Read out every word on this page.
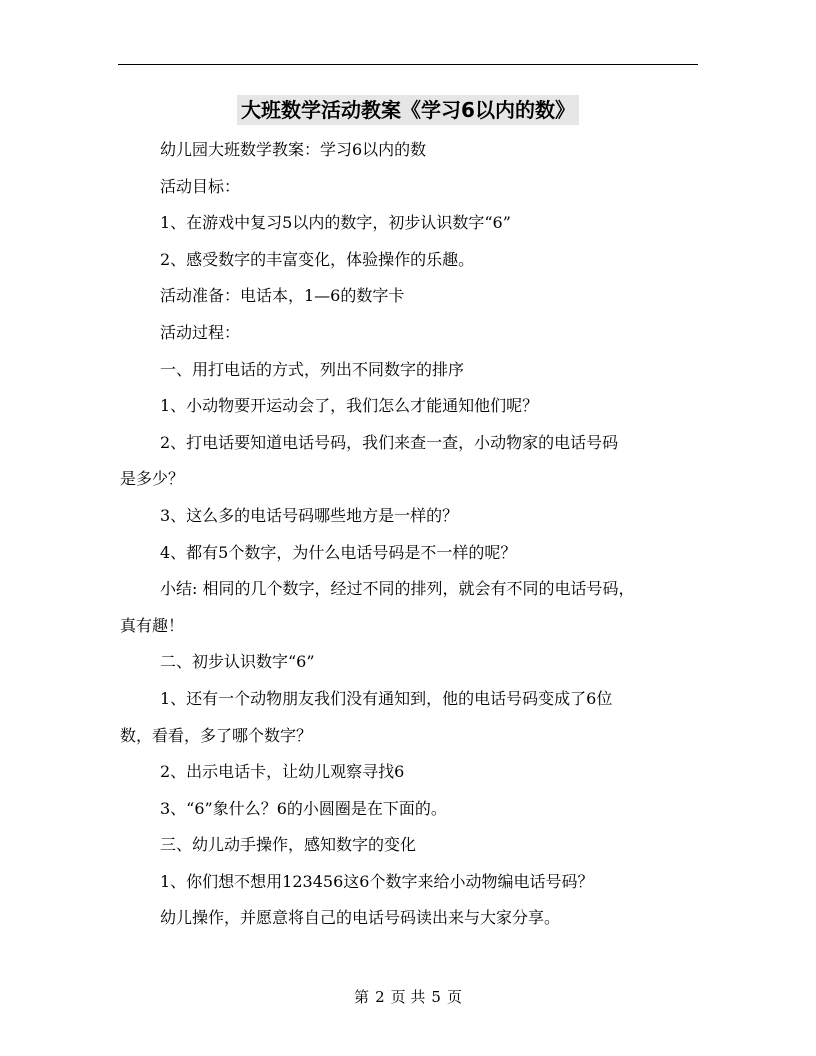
大班数学活动教案《学习6以内的数》
幼儿园大班数学教案：学习6以内的数
活动目标：
1、在游戏中复习5以内的数字，初步认识数字“6”
2、感受数字的丰富变化，体验操作的乐趣。
活动准备：电话本，1—6的数字卡
活动过程：
一、用打电话的方式，列出不同数字的排序
1、小动物要开运动会了，我们怎么才能通知他们呢？
2、打电话要知道电话号码，我们来查一查，小动物家的电话号码
是多少？
3、这么多的电话号码哪些地方是一样的？
4、都有5个数字，为什么电话号码是不一样的呢？
小结: 相同的几个数字，经过不同的排列，就会有不同的电话号码，
真有趣！
二、初步认识数字“6”
1、还有一个动物朋友我们没有通知到，他的电话号码变成了6位
数，看看，多了哪个数字？
2、出示电话卡，让幼儿观察寻找6
3、“6”象什么？6的小圆圈是在下面的。
三、幼儿动手操作，感知数字的变化
1、你们想不想用123456这6个数字来给小动物编电话号码？
幼儿操作，并愿意将自己的电话号码读出来与大家分享。
第 2 页 共 5 页
